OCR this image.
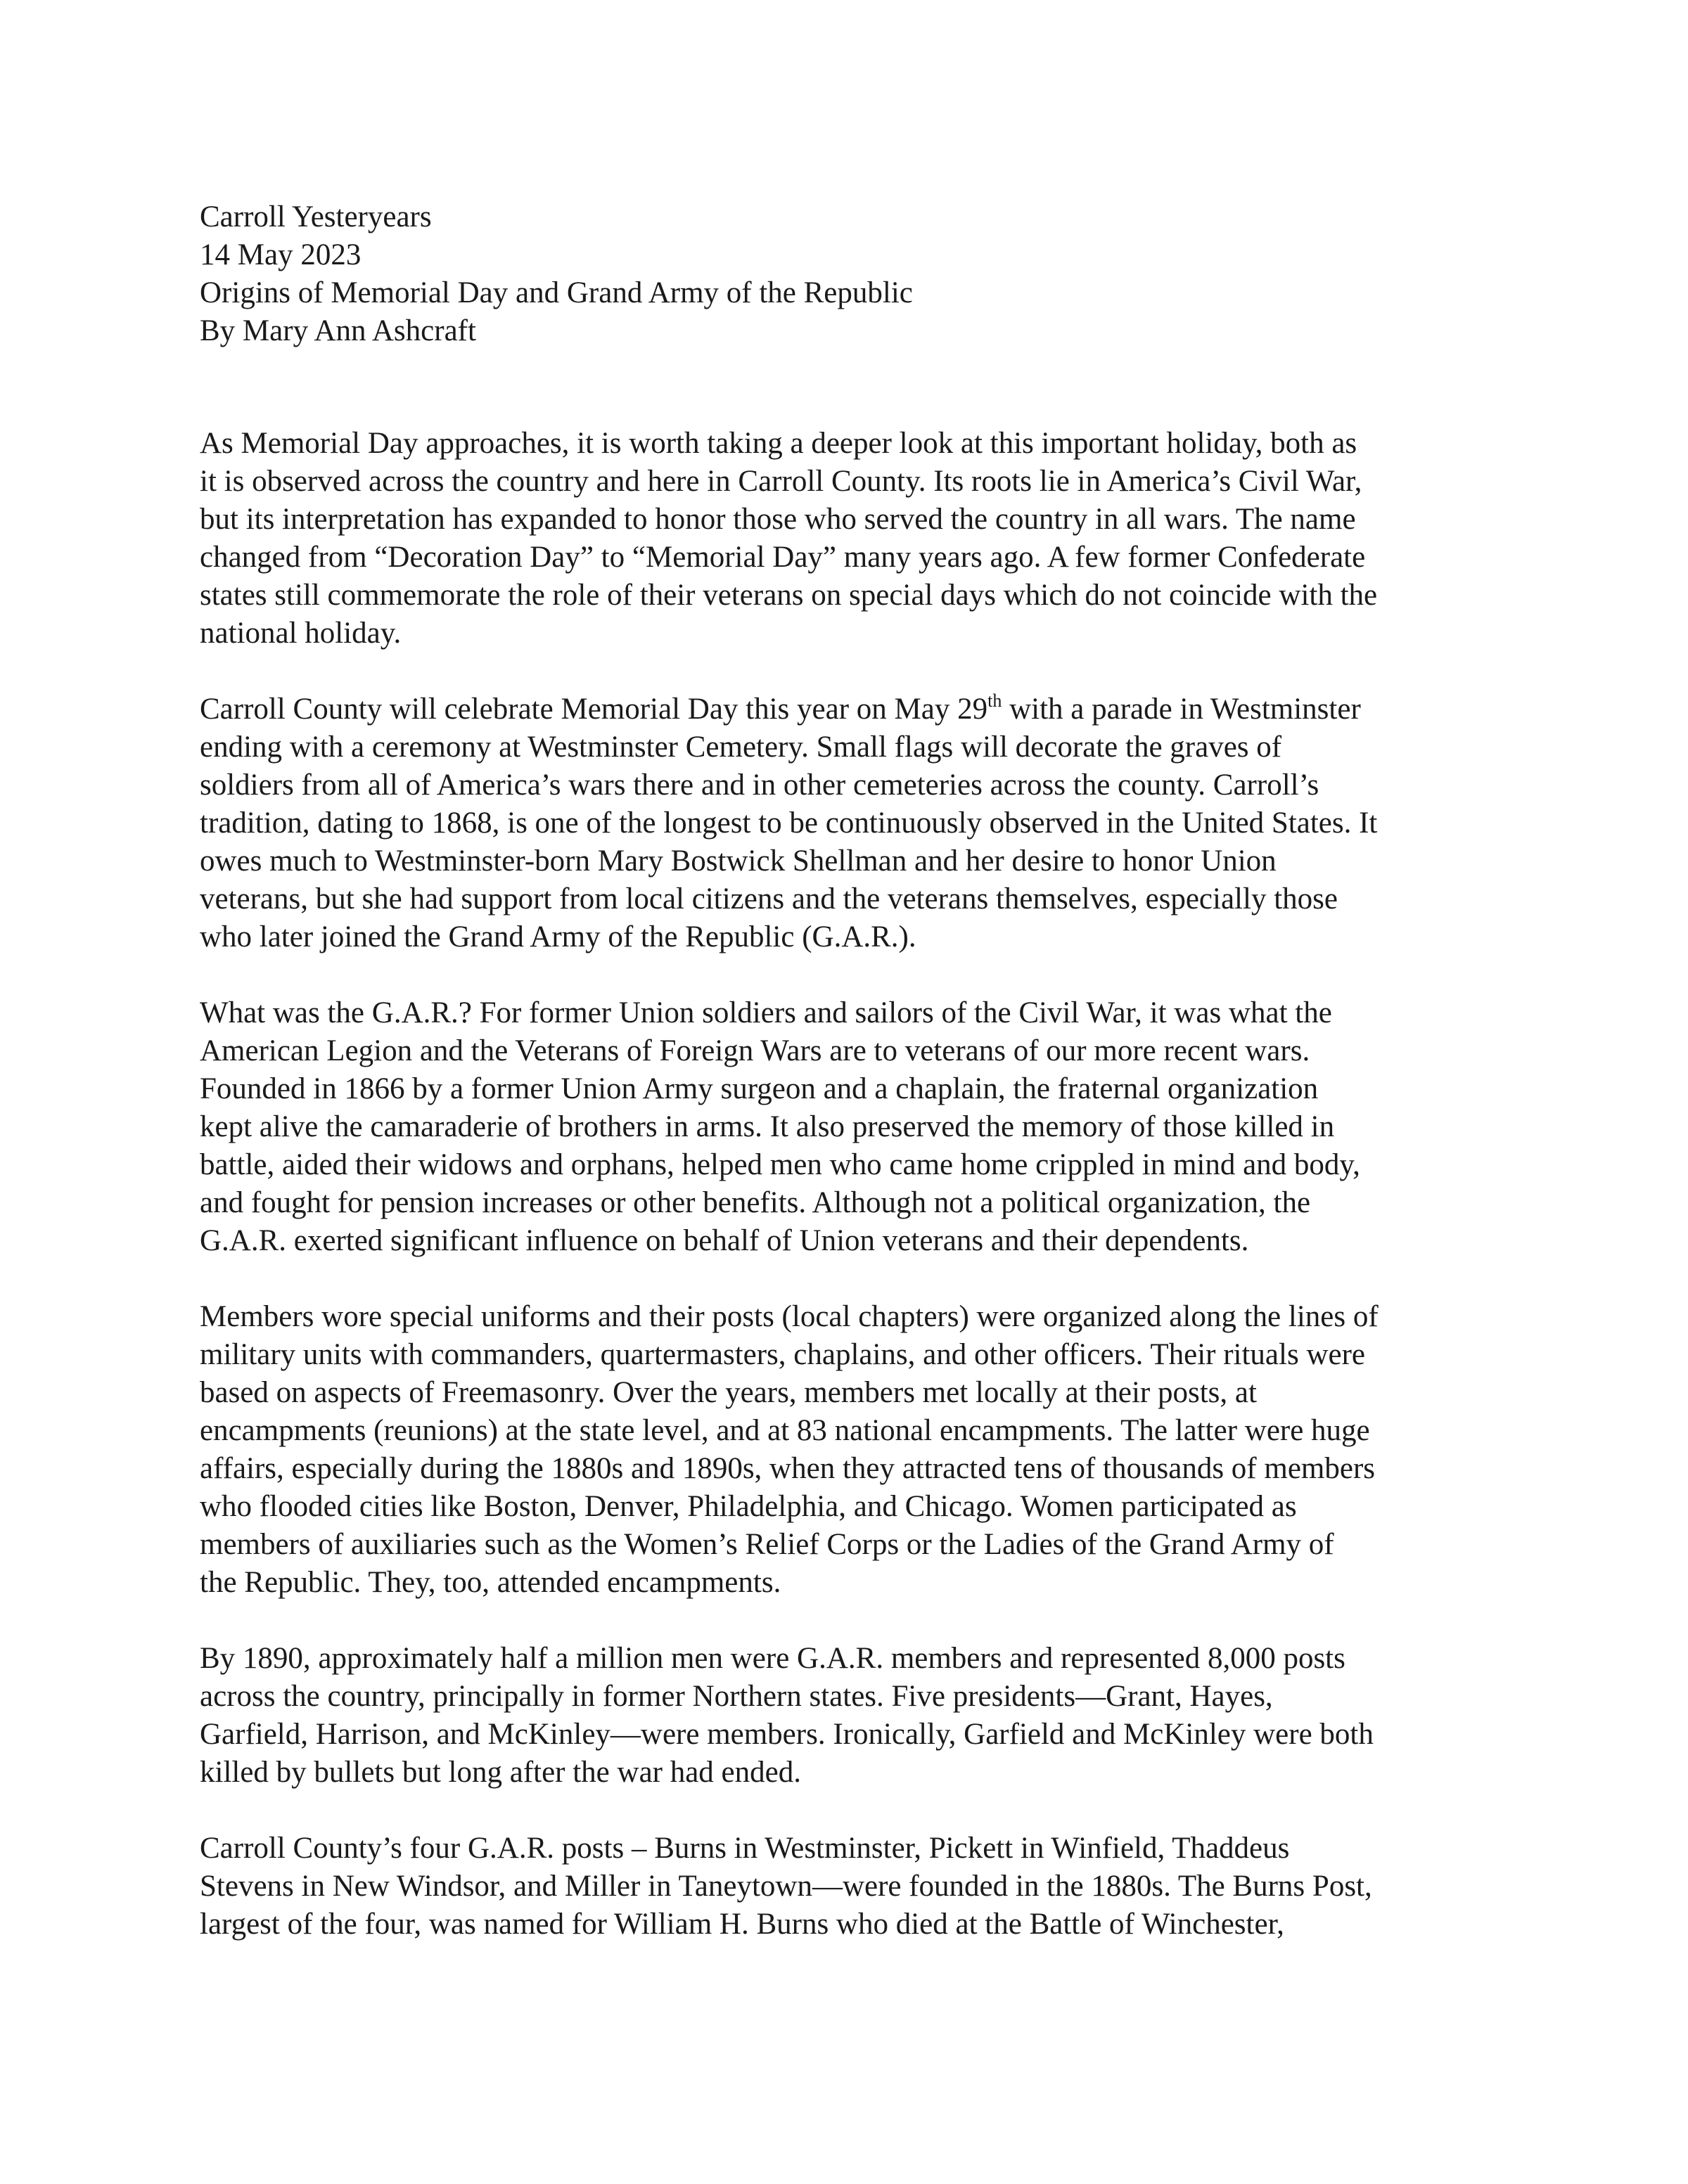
Carroll Yesteryears
14 May 2023
Origins of Memorial Day and Grand Army of the Republic
By Mary Ann Ashcraft
As Memorial Day approaches, it is worth taking a deeper look at this important holiday, both as
it is observed across the country and here in Carroll County. Its roots lie in America’s Civil War,
but its interpretation has expanded to honor those who served the country in all wars. The name
changed from “Decoration Day” to “Memorial Day” many years ago. A few former Confederate
states still commemorate the role of their veterans on special days which do not coincide with the
national holiday.
Carroll County will celebrate Memorial Day this year on May 29th with a parade in Westminster
ending with a ceremony at Westminster Cemetery. Small flags will decorate the graves of
soldiers from all of America’s wars there and in other cemeteries across the county. Carroll’s
tradition, dating to 1868, is one of the longest to be continuously observed in the United States. It
owes much to Westminster-born Mary Bostwick Shellman and her desire to honor Union
veterans, but she had support from local citizens and the veterans themselves, especially those
who later joined the Grand Army of the Republic (G.A.R.).
What was the G.A.R.? For former Union soldiers and sailors of the Civil War, it was what the
American Legion and the Veterans of Foreign Wars are to veterans of our more recent wars.
Founded in 1866 by a former Union Army surgeon and a chaplain, the fraternal organization
kept alive the camaraderie of brothers in arms. It also preserved the memory of those killed in
battle, aided their widows and orphans, helped men who came home crippled in mind and body,
and fought for pension increases or other benefits. Although not a political organization, the
G.A.R. exerted significant influence on behalf of Union veterans and their dependents.
Members wore special uniforms and their posts (local chapters) were organized along the lines of
military units with commanders, quartermasters, chaplains, and other officers. Their rituals were
based on aspects of Freemasonry. Over the years, members met locally at their posts, at
encampments (reunions) at the state level, and at 83 national encampments. The latter were huge
affairs, especially during the 1880s and 1890s, when they attracted tens of thousands of members
who flooded cities like Boston, Denver, Philadelphia, and Chicago. Women participated as
members of auxiliaries such as the Women’s Relief Corps or the Ladies of the Grand Army of
the Republic. They, too, attended encampments.
By 1890, approximately half a million men were G.A.R. members and represented 8,000 posts
across the country, principally in former Northern states. Five presidents—Grant, Hayes,
Garfield, Harrison, and McKinley—were members. Ironically, Garfield and McKinley were both
killed by bullets but long after the war had ended.
Carroll County’s four G.A.R. posts – Burns in Westminster, Pickett in Winfield, Thaddeus
Stevens in New Windsor, and Miller in Taneytown—were founded in the 1880s. The Burns Post,
largest of the four, was named for William H. Burns who died at the Battle of Winchester,
